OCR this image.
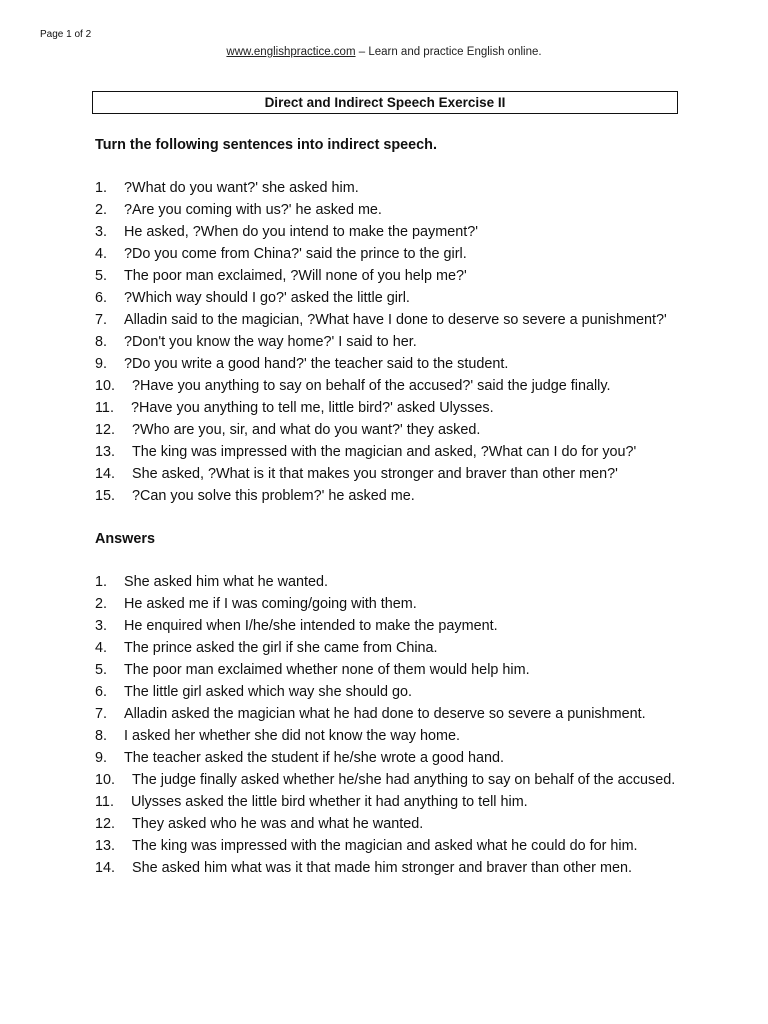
Page 1 of 2
www.englishpractice.com – Learn and practice English online.
Direct and Indirect Speech Exercise II

Turn the following sentences into indirect speech.

1. ?What do you want?' she asked him.

2. ?Are you coming with us?' he asked me.

3. He asked, ?When do you intend to make the payment?'

4. ?Do you come from China?' said the prince to the girl.

5. The poor man exclaimed, ?Will none of you help me?'

6. ?Which way should I go?' asked the little girl.

7. Alladin said to the magician, ?What have I done to deserve so severe a punishment?'

8. ?Don't you know the way home?' I said to her.

9. ?Do you write a good hand?' the teacher said to the student.

10. ?Have you anything to say on behalf of the accused?' said the judge finally.

11. ?Have you anything to tell me, little bird?' asked Ulysses.

12. ?Who are you, sir, and what do you want?' they asked.

13. The king was impressed with the magician and asked, ?What can I do for you?'

14. She asked, ?What is it that makes you stronger and braver than other men?'

15. ?Can you solve this problem?' he asked me.

Answers

1. She asked him what he wanted.

2. He asked me if I was coming/going with them.

3. He enquired when I/he/she intended to make the payment.

4. The prince asked the girl if she came from China.

5. The poor man exclaimed whether none of them would help him.

6. The little girl asked which way she should go.

7. Alladin asked the magician what he had done to deserve so severe a punishment.

8. I asked her whether she did not know the way home.

9. The teacher asked the student if he/she wrote a good hand.

10. The judge finally asked whether he/she had anything to say on behalf of the accused.

11. Ulysses asked the little bird whether it had anything to tell him.

12. They asked who he was and what he wanted.

13. The king was impressed with the magician and asked what he could do for him.

14. She asked him what was it that made him stronger and braver than other men.
